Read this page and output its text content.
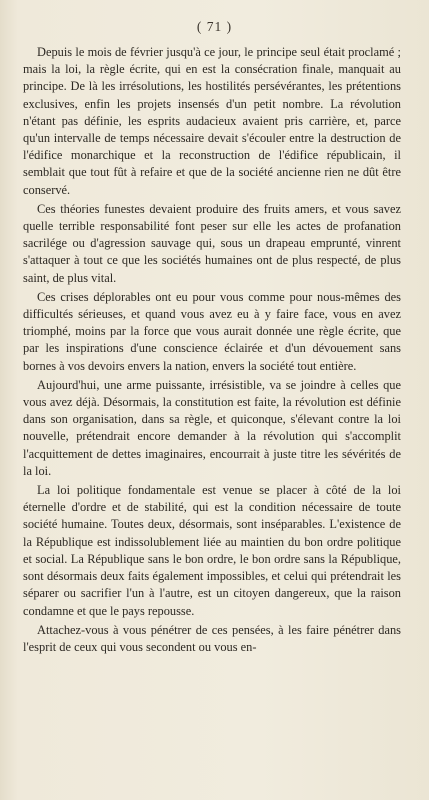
( 71 )

Depuis le mois de février jusqu'à ce jour, le principe seul était proclamé ; mais la loi, la règle écrite, qui en est la consécration finale, manquait au principe. De là les irrésolutions, les hostilités persévérantes, les prétentions exclusives, enfin les projets insensés d'un petit nombre. La révolution n'étant pas définie, les esprits audacieux avaient pris carrière, et, parce qu'un intervalle de temps nécessaire devait s'écouler entre la destruction de l'édifice monarchique et la reconstruction de l'édifice républicain, il semblait que tout fût à refaire et que de la société ancienne rien ne dût être conservé.

Ces théories funestes devaient produire des fruits amers, et vous savez quelle terrible responsabilité font peser sur elle les actes de profanation sacrilége ou d'agression sauvage qui, sous un drapeau emprunté, vinrent s'attaquer à tout ce que les sociétés humaines ont de plus respecté, de plus saint, de plus vital.

Ces crises déplorables ont eu pour vous comme pour nous-mêmes des difficultés sérieuses, et quand vous avez eu à y faire face, vous en avez triomphé, moins par la force que vous aurait donnée une règle écrite, que par les inspirations d'une conscience éclairée et d'un dévouement sans bornes à vos devoirs envers la nation, envers la société tout entière.

Aujourd'hui, une arme puissante, irrésistible, va se joindre à celles que vous avez déjà. Désormais, la constitution est faite, la révolution est définie dans son organisation, dans sa règle, et quiconque, s'élevant contre la loi nouvelle, prétendrait encore demander à la révolution qui s'accomplit l'acquittement de dettes imaginaires, encourrait à juste titre les sévérités de la loi.

La loi politique fondamentale est venue se placer à côté de la loi éternelle d'ordre et de stabilité, qui est la condition nécessaire de toute société humaine. Toutes deux, désormais, sont inséparables. L'existence de la République est indissolublement liée au maintien du bon ordre politique et social. La République sans le bon ordre, le bon ordre sans la République, sont désormais deux faits également impossibles, et celui qui prétendrait les séparer ou sacrifier l'un à l'autre, est un citoyen dangereux, que la raison condamne et que le pays repousse.

Attachez-vous à vous pénétrer de ces pensées, à les faire pénétrer dans l'esprit de ceux qui vous secondent ou vous en-
